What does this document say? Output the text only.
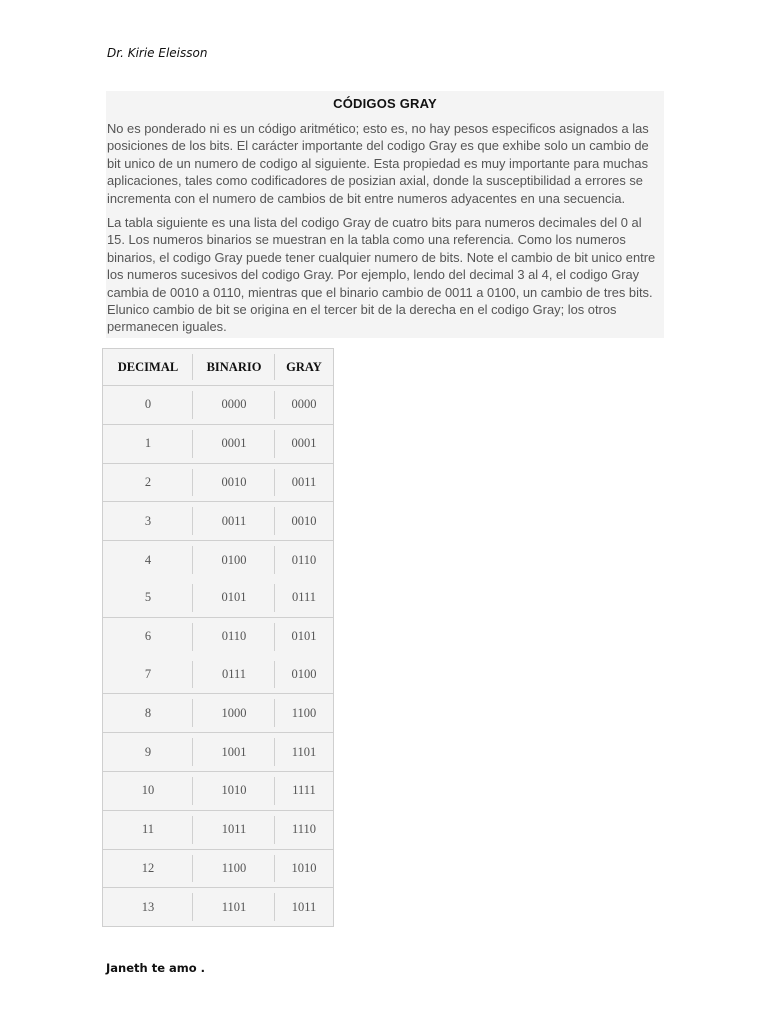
Dr. Kirie Eleisson
CÓDIGOS GRAY

No es ponderado ni es un código aritmético; esto es, no hay pesos especificos asignados a las posiciones de los bits. El carácter importante del codigo Gray es que exhibe solo un cambio de bit unico de un numero de codigo al siguiente. Esta propiedad es muy importante para muchas aplicaciones, tales como codificadores de posizian axial, donde la susceptibilidad a errores se incrementa con el numero de cambios de bit entre numeros adyacentes en una secuencia.

La tabla siguiente es una lista del codigo Gray de cuatro bits para numeros decimales del 0 al 15. Los numeros binarios se muestran en la tabla como una referencia. Como los numeros binarios, el codigo Gray puede tener cualquier numero de bits. Note el cambio de bit unico entre los numeros sucesivos del codigo Gray. Por ejemplo, lendo del decimal 3 al 4, el codigo Gray cambia de 0010 a 0110, mientras que el binario cambio de 0011 a 0100, un cambio de tres bits. Elunico cambio de bit se origina en el tercer bit de la derecha en el codigo Gray; los otros permanecen iguales.

DECIMAL	BINARIO	GRAY
0	0000	0000
1	0001	0001
2	0010	0011
3	0011	0010
4	0100	0110
5	0101	0111
6	0110	0101
7	0111	0100
8	1000	1100
9	1001	1101
10	1010	1111
11	1011	1110
12	1100	1010
13	1101	1011
Janeth te amo .
